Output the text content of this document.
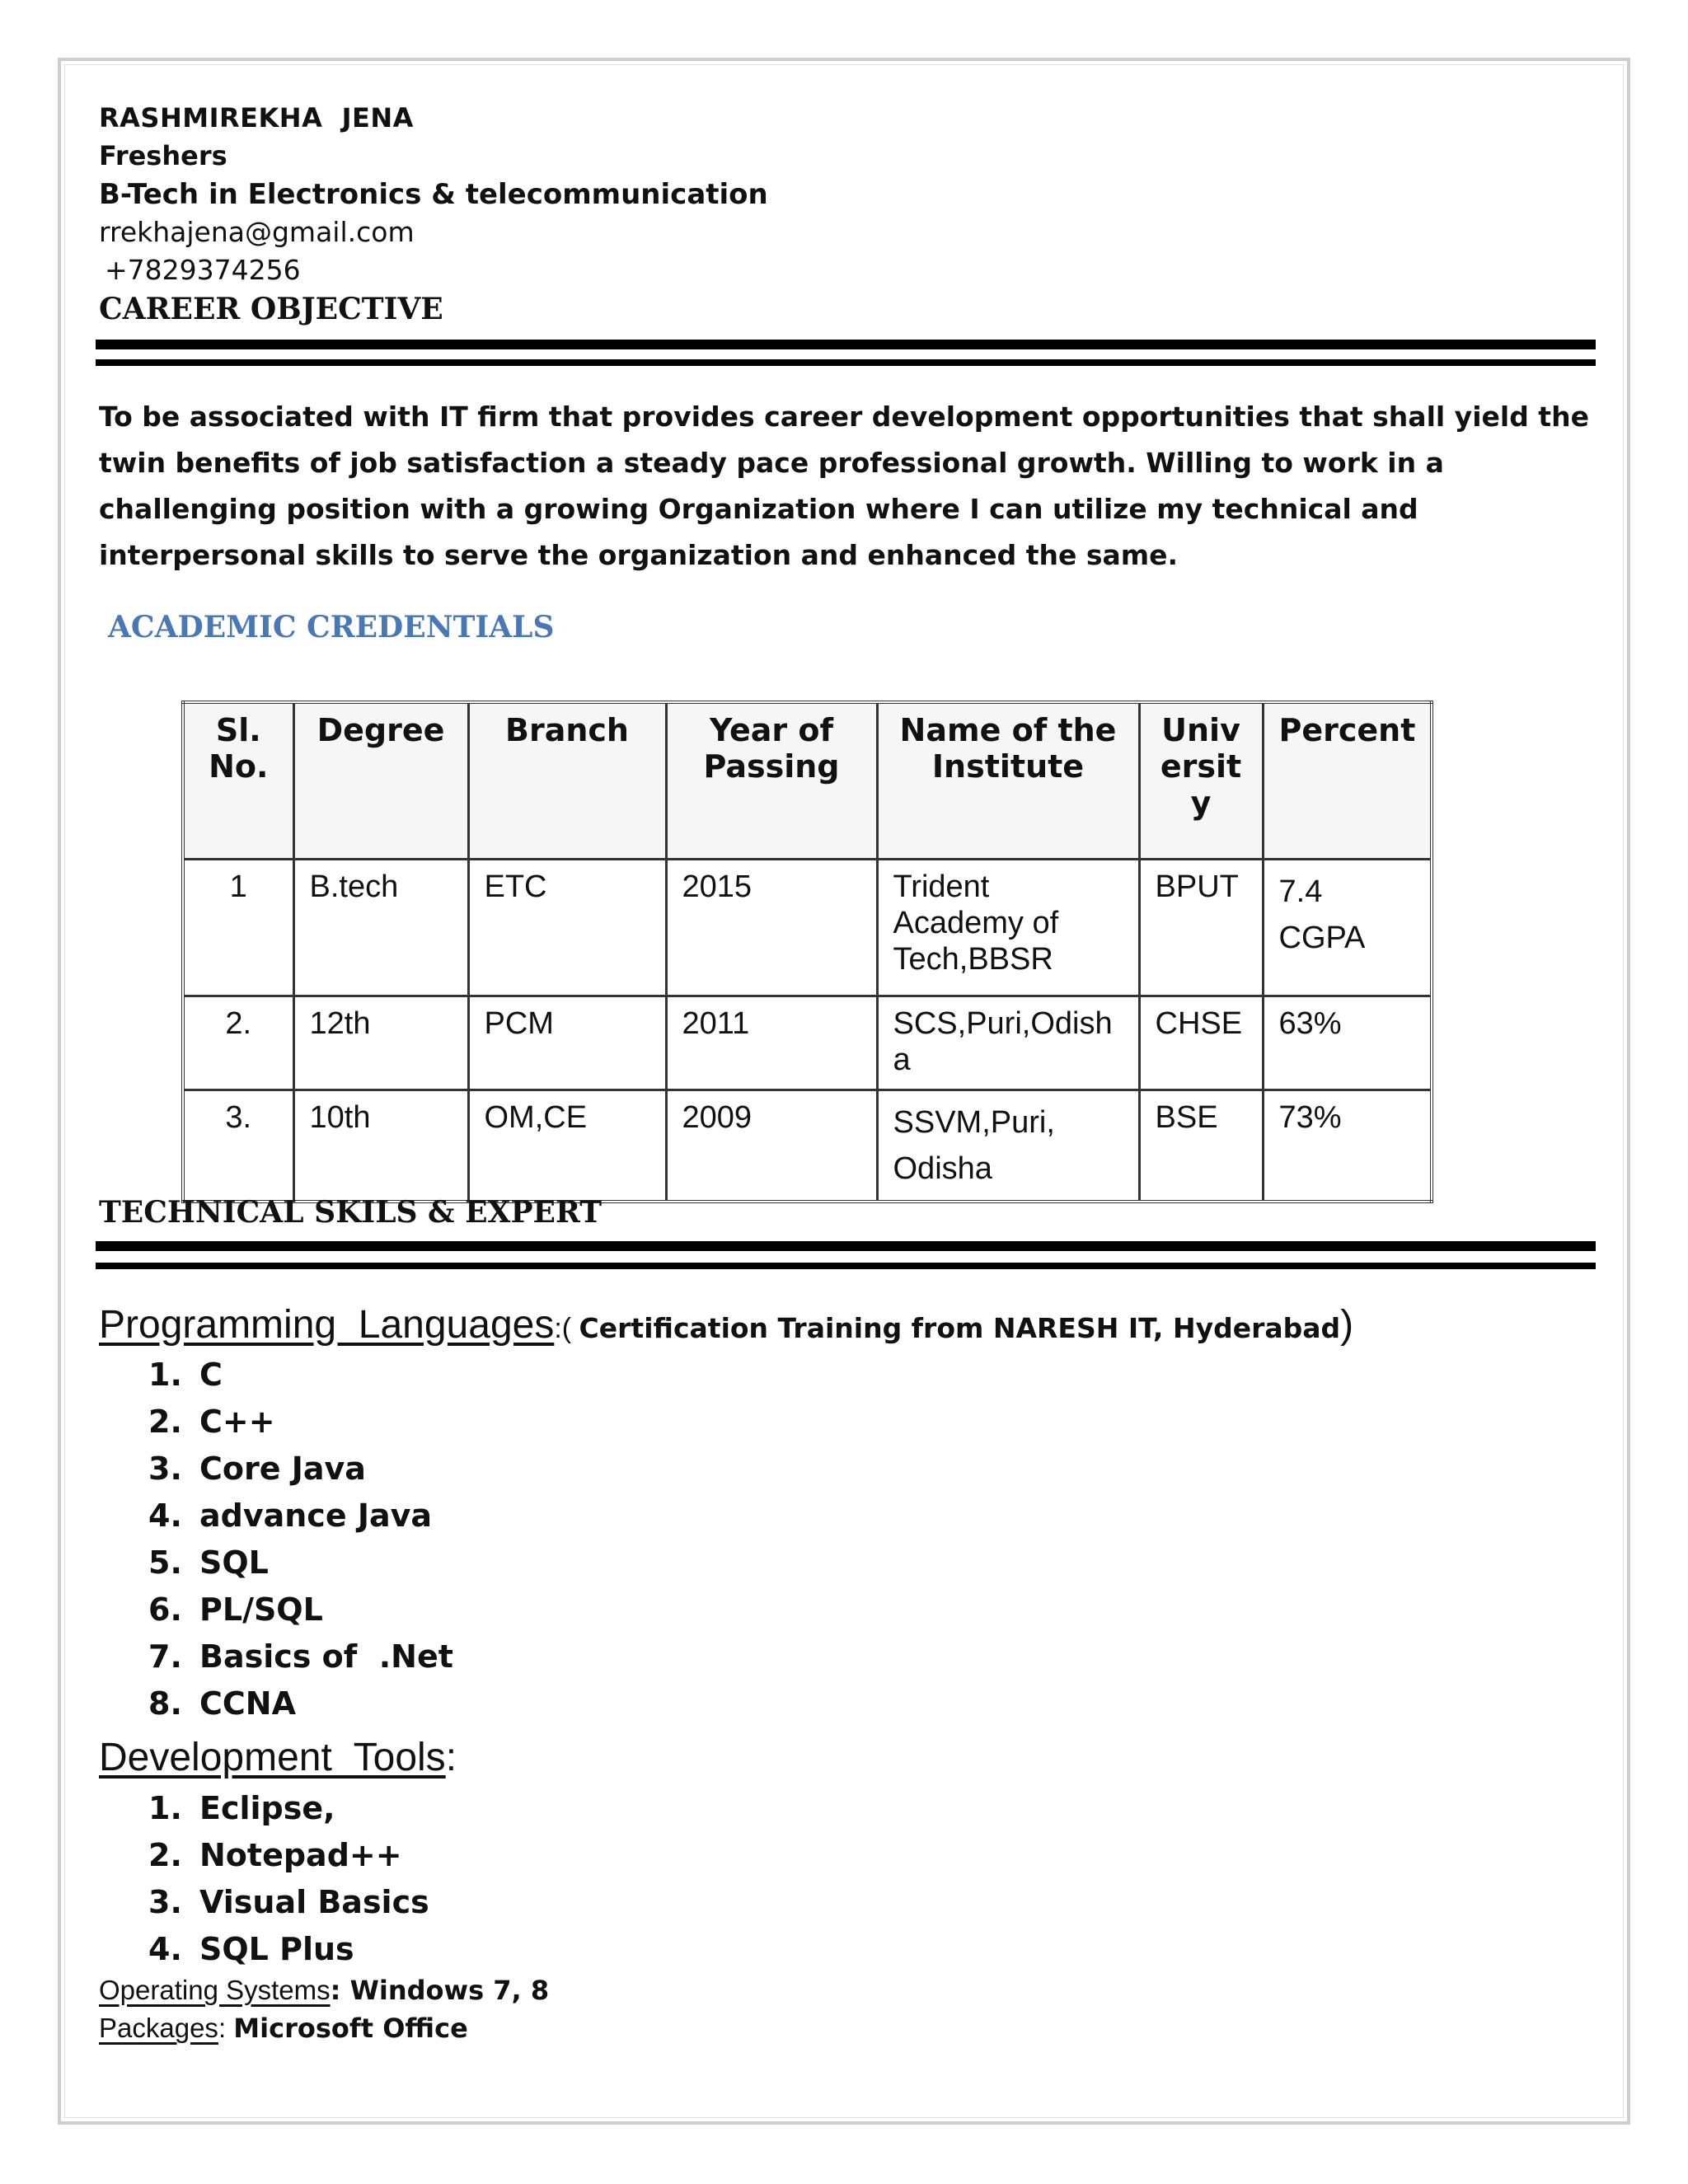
RASHMIREKHA  JENA
Freshers
B-Tech in Electronics & telecommunication
rrekhajena@gmail.com
+7829374256
CAREER OBJECTIVE
To be associated with IT firm that provides career development opportunities that shall yield the twin benefits of job satisfaction a steady pace professional growth. Willing to work in a challenging position with a growing Organization where I can utilize my technical and interpersonal skills to serve the organization and enhanced the same.
ACADEMIC CREDENTIALS
Sl. No.	Degree	Branch	Year of Passing	Name of the Institute	University	Percent
1	B.tech	ETC	2015	Trident Academy of Tech,BBSR	BPUT	7.4 CGPA
2.	12th	PCM	2011	SCS,Puri,Odisha	CHSE	63%
3.	10th	OM,CE	2009	SSVM,Puri, Odisha	BSE	73%
TECHNICAL SKILS & EXPERT
Programming  Languages:( Certification Training from NARESH IT, Hyderabad)
1. C
2. C++
3. Core Java
4. advance Java
5. SQL
6. PL/SQL
7. Basics of  .Net
8. CCNA
Development  Tools:
1. Eclipse,
2. Notepad++
3. Visual Basics
4. SQL Plus
Operating Systems: Windows 7, 8
Packages: Microsoft Office
